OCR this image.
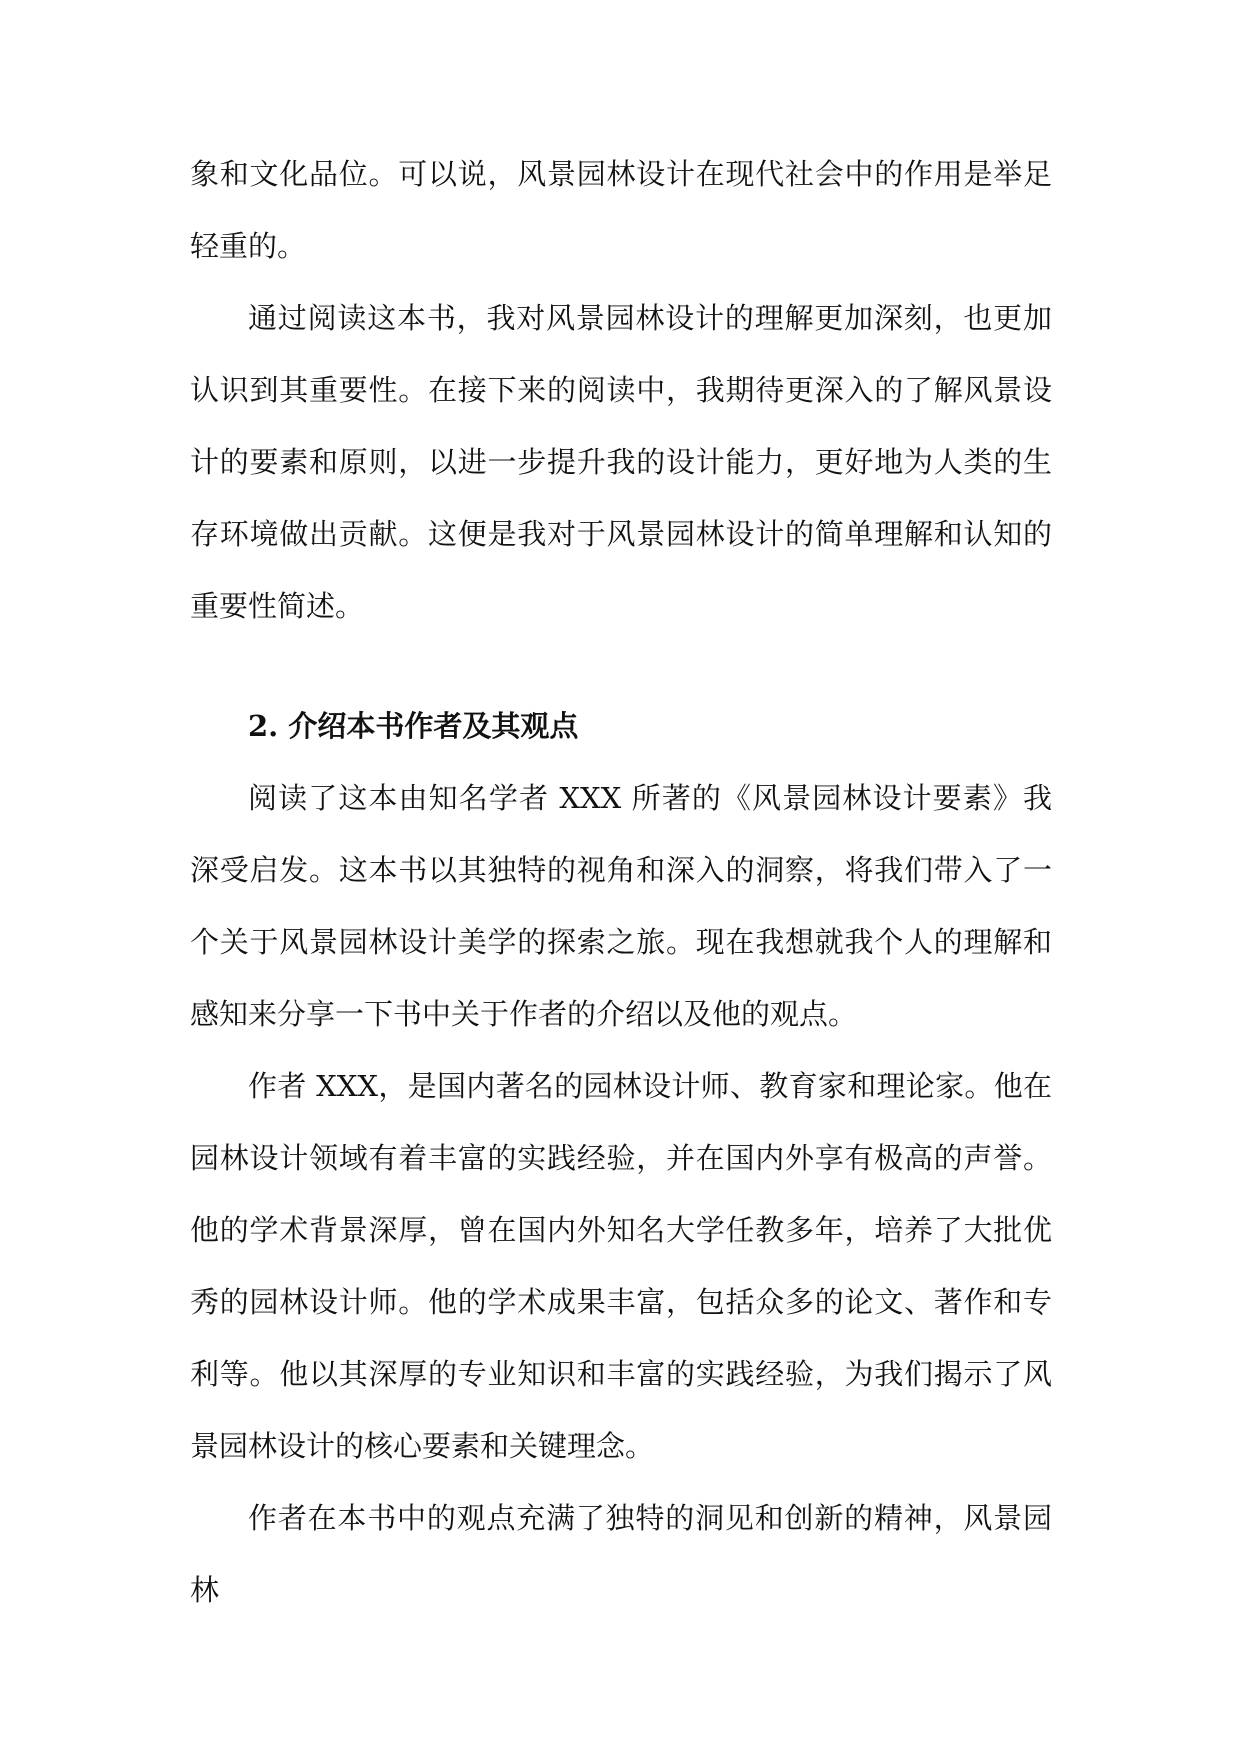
象和文化品位。可以说，风景园林设计在现代社会中的作用是举足轻重的。

通过阅读这本书，我对风景园林设计的理解更加深刻，也更加认识到其重要性。在接下来的阅读中，我期待更深入的了解风景设计的要素和原则，以进一步提升我的设计能力，更好地为人类的生存环境做出贡献。这便是我对于风景园林设计的简单理解和认知的重要性简述。

2. 介绍本书作者及其观点

阅读了这本由知名学者 XXX 所著的《风景园林设计要素》我深受启发。这本书以其独特的视角和深入的洞察，将我们带入了一个关于风景园林设计美学的探索之旅。现在我想就我个人的理解和感知来分享一下书中关于作者的介绍以及他的观点。

作者 XXX，是国内著名的园林设计师、教育家和理论家。他在园林设计领域有着丰富的实践经验，并在国内外享有极高的声誉。他的学术背景深厚，曾在国内外知名大学任教多年，培养了大批优秀的园林设计师。他的学术成果丰富，包括众多的论文、著作和专利等。他以其深厚的专业知识和丰富的实践经验，为我们揭示了风景园林设计的核心要素和关键理念。

作者在本书中的观点充满了独特的洞见和创新的精神，风景园林
